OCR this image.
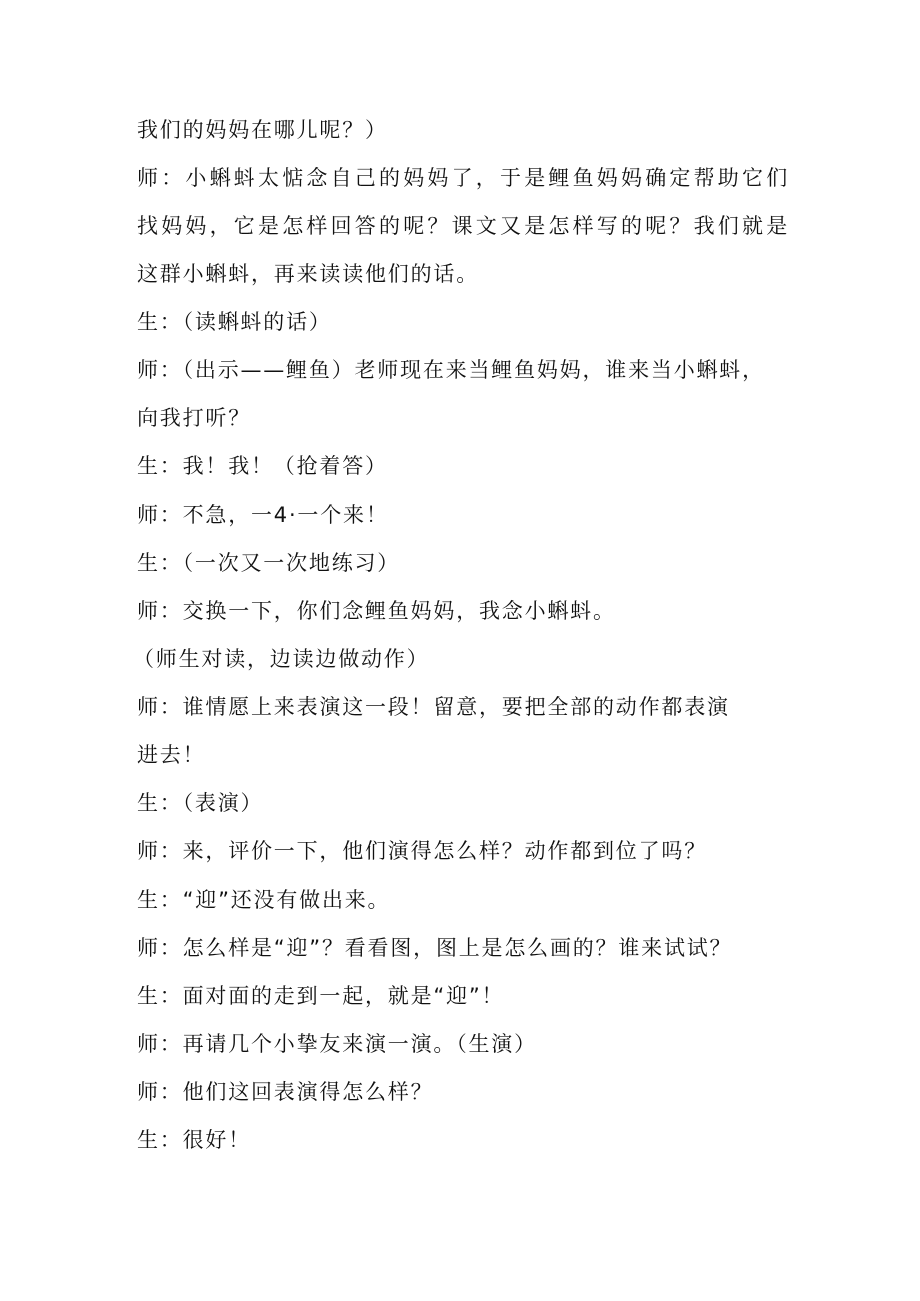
我们的妈妈在哪儿呢？）
师：小蝌蚪太惦念自己的妈妈了，于是鲤鱼妈妈确定帮助它们
找妈妈，它是怎样回答的呢？课文又是怎样写的呢？我们就是
这群小蝌蚪，再来读读他们的话。
生：（读蝌蚪的话）
师：（出示——鲤鱼）老师现在来当鲤鱼妈妈，谁来当小蝌蚪，
向我打听？
生：我！我！（抢着答）
师：不急，一4·一个来！
生：（一次又一次地练习）
师：交换一下，你们念鲤鱼妈妈，我念小蝌蚪。
（师生对读，边读边做动作）
师：谁情愿上来表演这一段！留意，要把全部的动作都表演
进去！
生：（表演）
师：来，评价一下，他们演得怎么样？动作都到位了吗？
生：“迎”还没有做出来。
师：怎么样是“迎”？看看图，图上是怎么画的？谁来试试？
生：面对面的走到一起，就是“迎”！
师：再请几个小挚友来演一演。（生演）
师：他们这回表演得怎么样？
生：很好！
